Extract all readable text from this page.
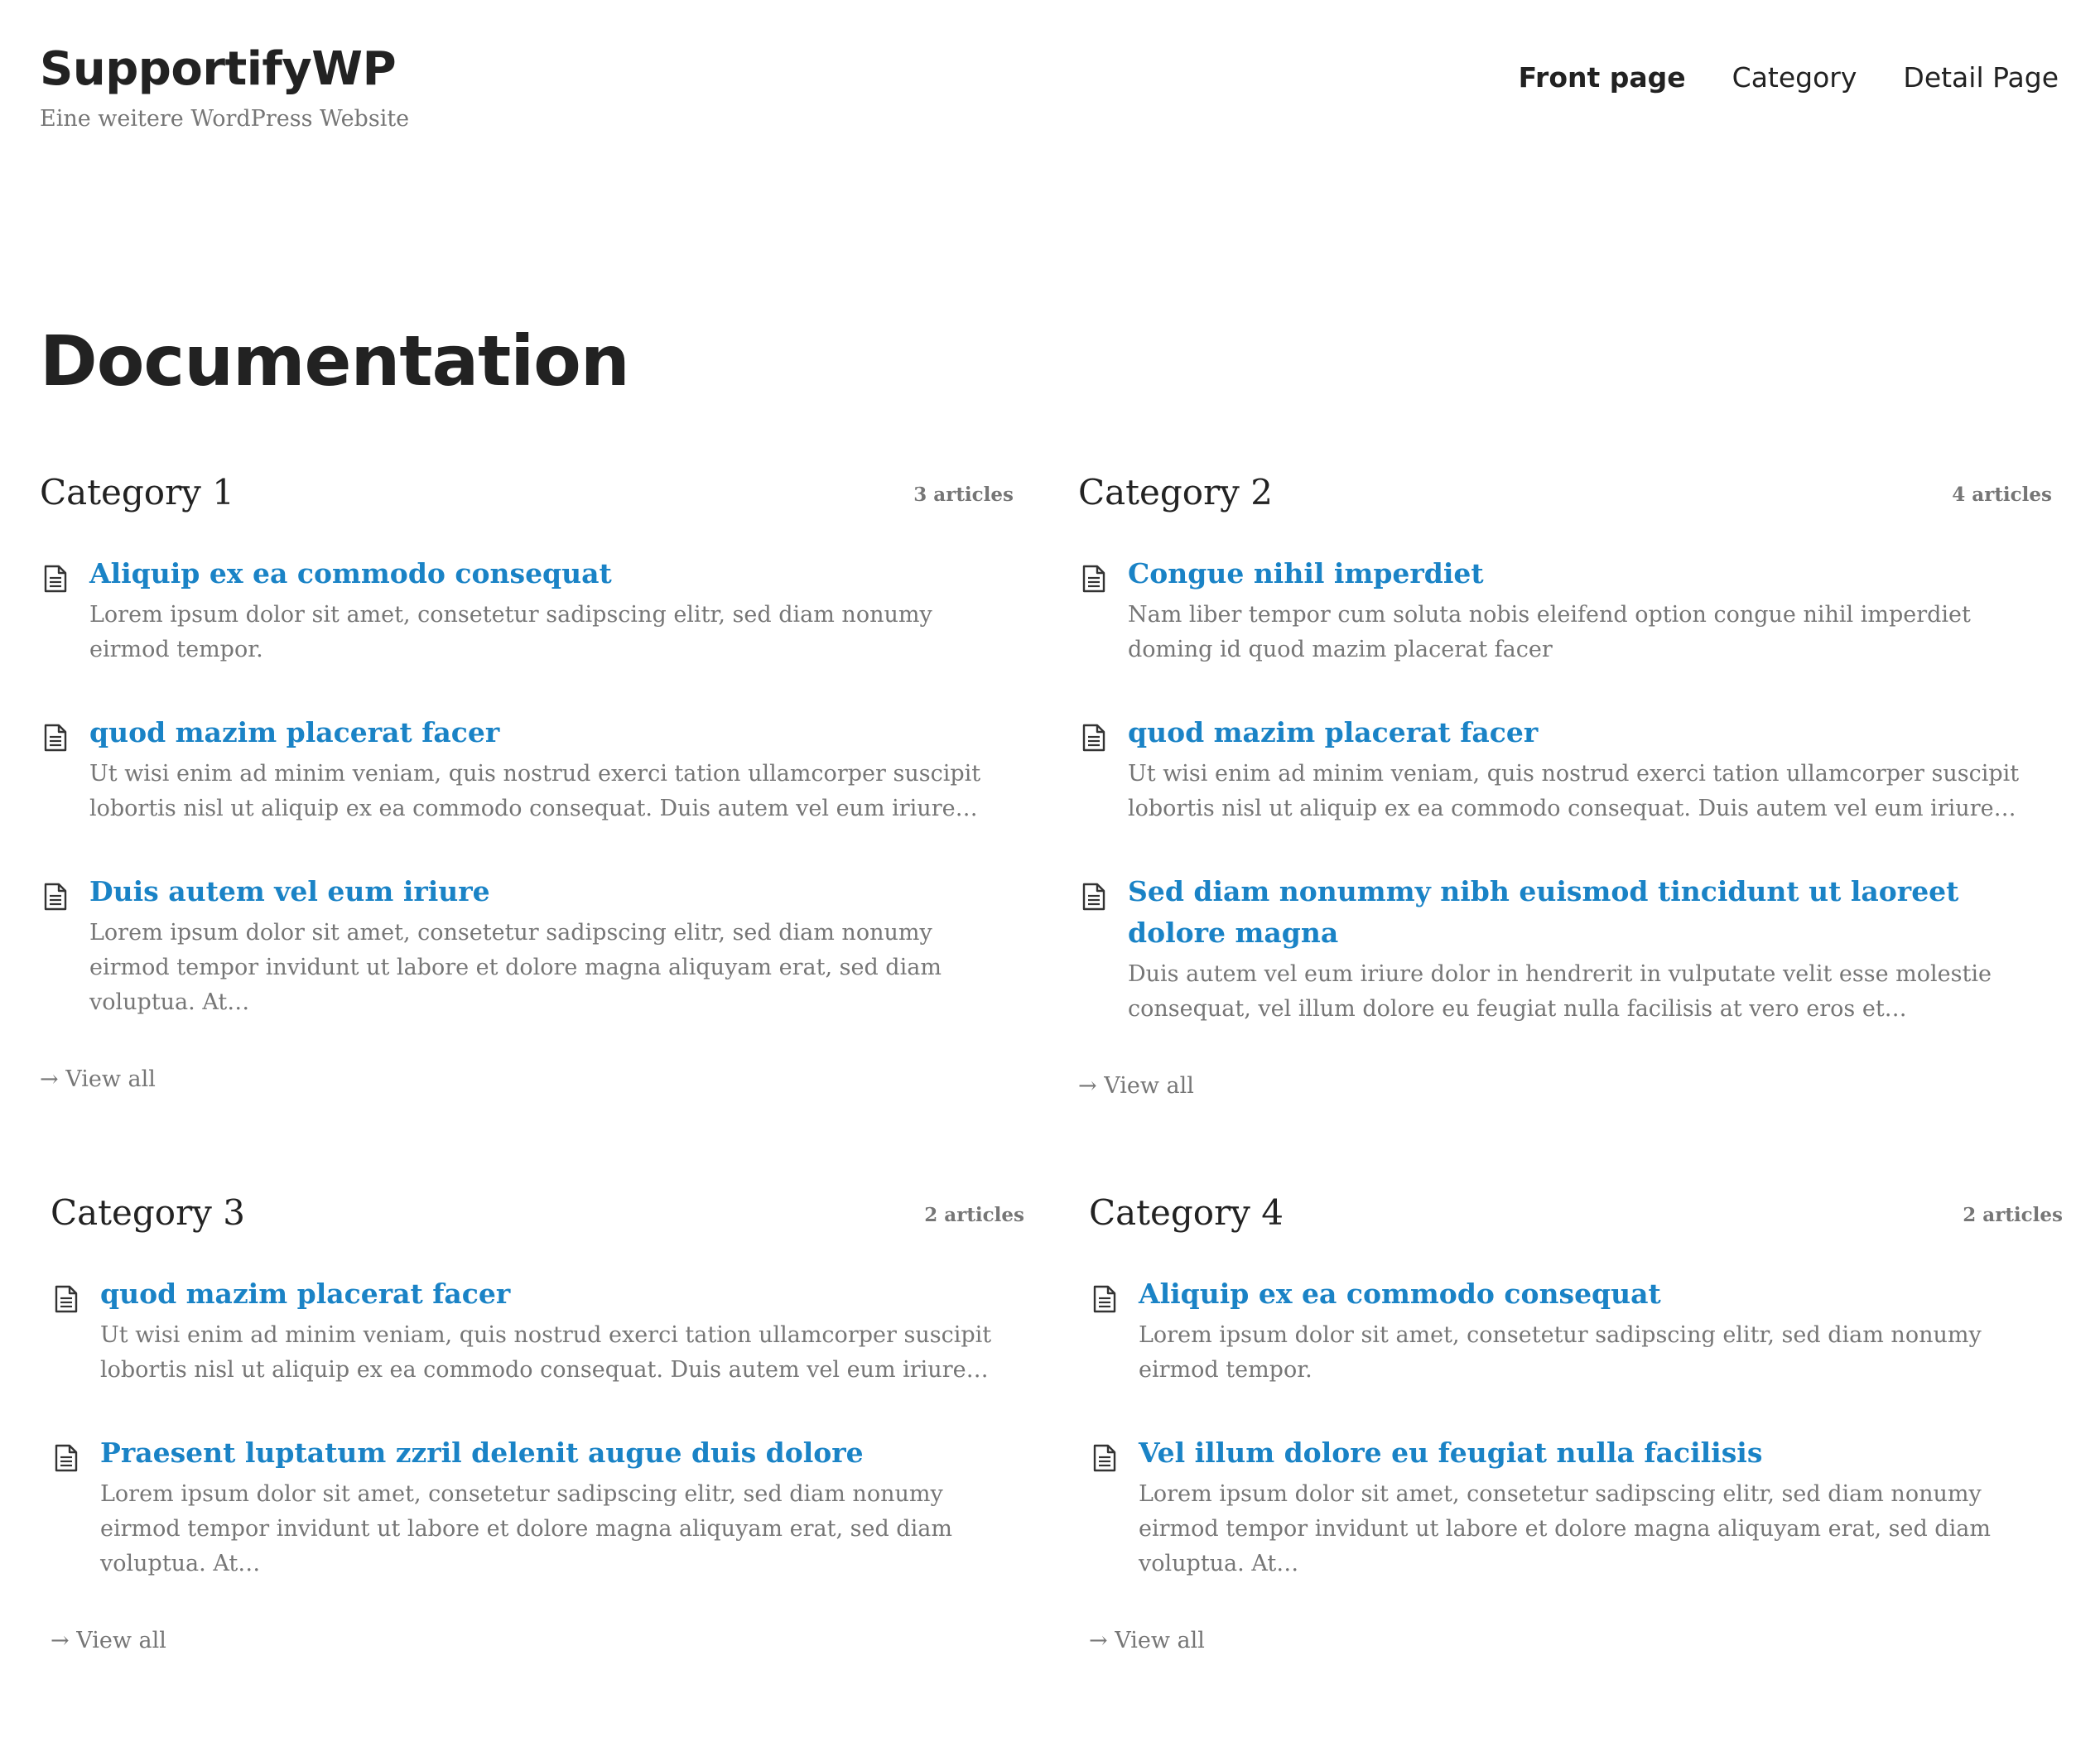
SupportifyWP

Eine weitere WordPress Website

Front page Category Detail Page
Documentation
Category 1	3 articles
Aliquip ex ea commodo consequat

Lorem ipsum dolor sit amet, consetetur sadipscing elitr, sed diam nonumy eirmod tempor.

quod mazim placerat facer

Ut wisi enim ad minim veniam, quis nostrud exerci tation ullamcorper suscipit lobortis nisl ut aliquip ex ea commodo consequat. Duis autem vel eum iriure…

Duis autem vel eum iriure

Lorem ipsum dolor sit amet, consetetur sadipscing elitr, sed diam nonumy eirmod tempor invidunt ut labore et dolore magna aliquyam erat, sed diam voluptua. At…

→ View all
Category 2	4 articles
Congue nihil imperdiet

Nam liber tempor cum soluta nobis eleifend option congue nihil imperdiet doming id quod mazim placerat facer

quod mazim placerat facer

Ut wisi enim ad minim veniam, quis nostrud exerci tation ullamcorper suscipit lobortis nisl ut aliquip ex ea commodo consequat. Duis autem vel eum iriure…

Sed diam nonummy nibh euismod tincidunt ut laoreet dolore magna

Duis autem vel eum iriure dolor in hendrerit in vulputate velit esse molestie consequat, vel illum dolore eu feugiat nulla facilisis at vero eros et…

→ View all
Category 3	2 articles
quod mazim placerat facer

Ut wisi enim ad minim veniam, quis nostrud exerci tation ullamcorper suscipit lobortis nisl ut aliquip ex ea commodo consequat. Duis autem vel eum iriure…

Praesent luptatum zzril delenit augue duis dolore

Lorem ipsum dolor sit amet, consetetur sadipscing elitr, sed diam nonumy eirmod tempor invidunt ut labore et dolore magna aliquyam erat, sed diam voluptua. At…

→ View all
Category 4	2 articles
Aliquip ex ea commodo consequat

Lorem ipsum dolor sit amet, consetetur sadipscing elitr, sed diam nonumy eirmod tempor.

Vel illum dolore eu feugiat nulla facilisis

Lorem ipsum dolor sit amet, consetetur sadipscing elitr, sed diam nonumy eirmod tempor invidunt ut labore et dolore magna aliquyam erat, sed diam voluptua. At…

→ View all
